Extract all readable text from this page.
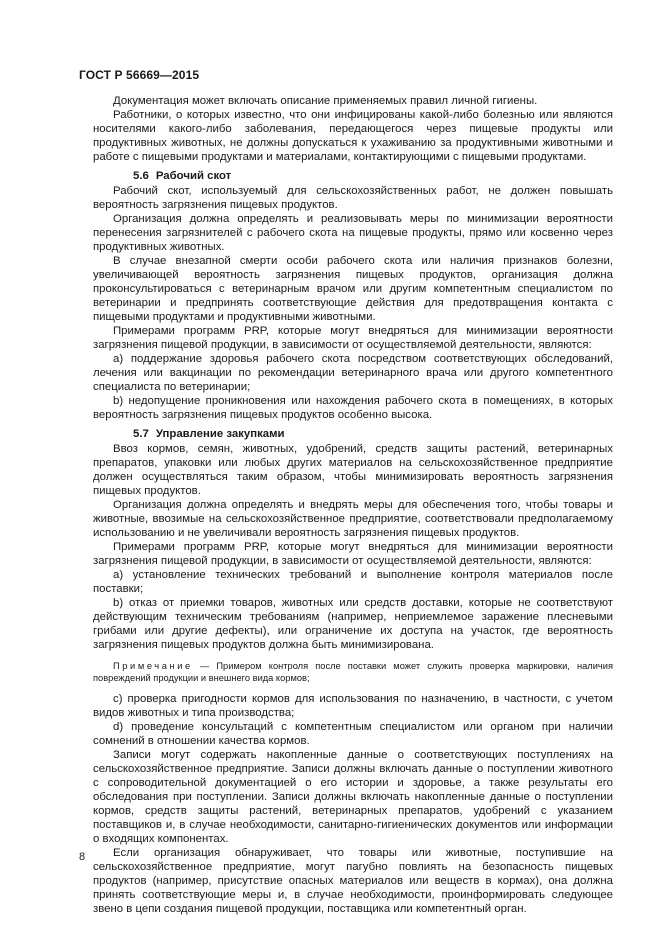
ГОСТ Р 56669—2015

Документация может включать описание применяемых правил личной гигиены.

Работники, о которых известно, что они инфицированы какой-либо болезнью или являются носителями какого-либо заболевания, передающегося через пищевые продукты или продуктивных животных, не должны допускаться к ухаживанию за продуктивными животными и работе с пищевыми продуктами и материалами, контактирующими с пищевыми продуктами.

5.6 Рабочий скот

Рабочий скот, используемый для сельскохозяйственных работ, не должен повышать вероятность загрязнения пищевых продуктов.

Организация должна определять и реализовывать меры по минимизации вероятности перенесения загрязнителей с рабочего скота на пищевые продукты, прямо или косвенно через продуктивных животных.

В случае внезапной смерти особи рабочего скота или наличия признаков болезни, увеличивающей вероятность загрязнения пищевых продуктов, организация должна проконсультироваться с ветеринарным врачом или другим компетентным специалистом по ветеринарии и предпринять соответствующие действия для предотвращения контакта с пищевыми продуктами и продуктивными животными.

Примерами программ PRP, которые могут внедряться для минимизации вероятности загрязнения пищевой продукции, в зависимости от осуществляемой деятельности, являются:

a) поддержание здоровья рабочего скота посредством соответствующих обследований, лечения или вакцинации по рекомендации ветеринарного врача или другого компетентного специалиста по ветеринарии;

b) недопущение проникновения или нахождения рабочего скота в помещениях, в которых вероятность загрязнения пищевых продуктов особенно высока.

5.7 Управление закупками

Ввоз кормов, семян, животных, удобрений, средств защиты растений, ветеринарных препаратов, упаковки или любых других материалов на сельскохозяйственное предприятие должен осуществляться таким образом, чтобы минимизировать вероятность загрязнения пищевых продуктов.

Организация должна определять и внедрять меры для обеспечения того, чтобы товары и животные, ввозимые на сельскохозяйственное предприятие, соответствовали предполагаемому использованию и не увеличивали вероятность загрязнения пищевых продуктов.

Примерами программ PRP, которые могут внедряться для минимизации вероятности загрязнения пищевой продукции, в зависимости от осуществляемой деятельности, являются:

a) установление технических требований и выполнение контроля материалов после поставки;

b) отказ от приемки товаров, животных или средств доставки, которые не соответствуют действующим техническим требованиям (например, неприемлемое заражение плесневыми грибами или другие дефекты), или ограничение их доступа на участок, где вероятность загрязнения пищевых продуктов должна быть минимизирована.

Примечание — Примером контроля после поставки может служить проверка маркировки, наличия повреждений продукции и внешнего вида кормов;

c) проверка пригодности кормов для использования по назначению, в частности, с учетом видов животных и типа производства;

d) проведение консультаций с компетентным специалистом или органом при наличии сомнений в отношении качества кормов.

Записи могут содержать накопленные данные о соответствующих поступлениях на сельскохозяйственное предприятие. Записи должны включать данные о поступлении животного с сопроводительной документацией о его истории и здоровье, а также результаты его обследования при поступлении. Записи должны включать накопленные данные о поступлении кормов, средств защиты растений, ветеринарных препаратов, удобрений с указанием поставщиков и, в случае необходимости, санитарно-гигиенических документов или информации о входящих компонентах.

Если организация обнаруживает, что товары или животные, поступившие на сельскохозяйственное предприятие, могут пагубно повлиять на безопасность пищевых продуктов (например, присутствие опасных материалов или веществ в кормах), она должна принять соответствующие меры и, в случае необходимости, проинформировать следующее звено в цепи создания пищевой продукции, поставщика или компетентный орган.

8
